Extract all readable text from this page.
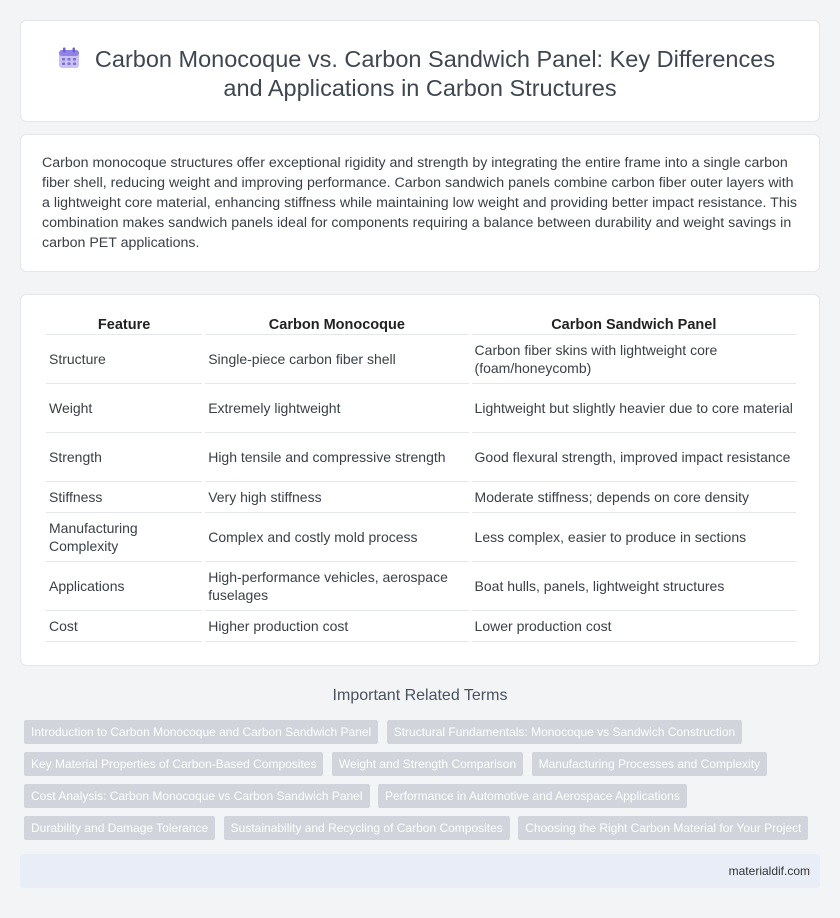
Carbon Monocoque vs. Carbon Sandwich Panel: Key Differences and Applications in Carbon Structures

Carbon monocoque structures offer exceptional rigidity and strength by integrating the entire frame into a single carbon fiber shell, reducing weight and improving performance. Carbon sandwich panels combine carbon fiber outer layers with a lightweight core material, enhancing stiffness while maintaining low weight and providing better impact resistance. This combination makes sandwich panels ideal for components requiring a balance between durability and weight savings in carbon PET applications.

Feature	Carbon Monocoque	Carbon Sandwich Panel
Structure	Single-piece carbon fiber shell	Carbon fiber skins with lightweight core (foam/honeycomb)
Weight	Extremely lightweight	Lightweight but slightly heavier due to core material
Strength	High tensile and compressive strength	Good flexural strength, improved impact resistance
Stiffness	Very high stiffness	Moderate stiffness; depends on core density
Manufacturing Complexity	Complex and costly mold process	Less complex, easier to produce in sections
Applications	High-performance vehicles, aerospace fuselages	Boat hulls, panels, lightweight structures
Cost	Higher production cost	Lower production cost
Important Related Terms
Introduction to Carbon Monocoque and Carbon Sandwich Panel Structural Fundamentals: Monocoque vs Sandwich Construction Key Material Properties of Carbon-Based Composites Weight and Strength Comparison Manufacturing Processes and Complexity Cost Analysis: Carbon Monocoque vs Carbon Sandwich Panel Performance in Automotive and Aerospace Applications Durability and Damage Tolerance Sustainability and Recycling of Carbon Composites Choosing the Right Carbon Material for Your Project
materialdif.com
